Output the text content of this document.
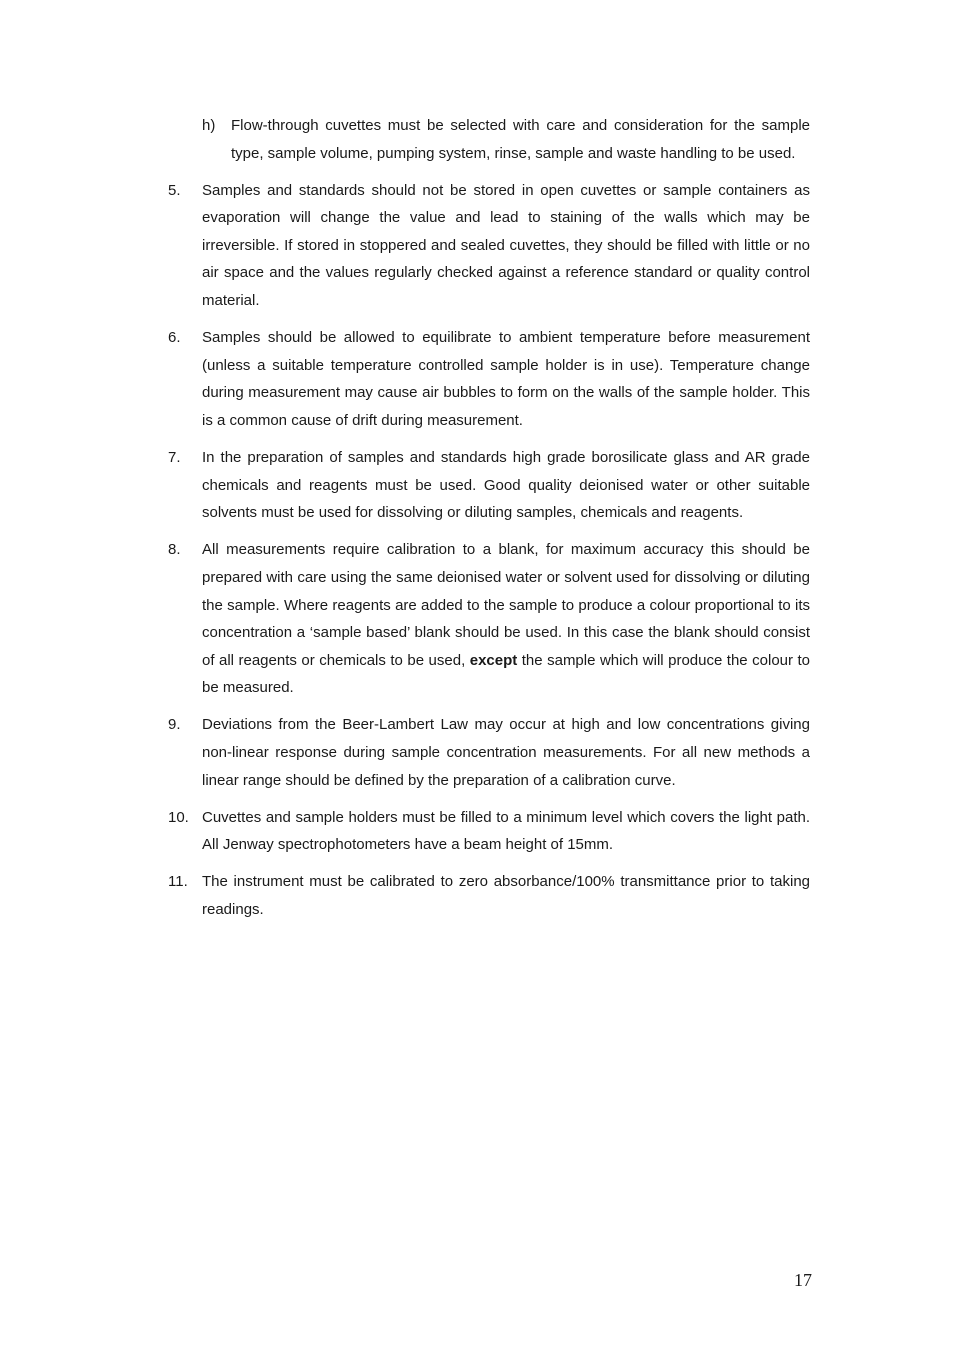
h)	Flow-through cuvettes must be selected with care and consideration for the sample type, sample volume, pumping system, rinse, sample and waste handling to be used.
5.	Samples and standards should not be stored in open cuvettes or sample containers as evaporation will change the value and lead to staining of the walls which may be irreversible. If stored in stoppered and sealed cuvettes, they should be filled with little or no air space and the values regularly checked against a reference standard or quality control material.
6.	Samples should be allowed to equilibrate to ambient temperature before measurement (unless a suitable temperature controlled sample holder is in use). Temperature change during measurement may cause air bubbles to form on the walls of the sample holder. This is a common cause of drift during measurement.
7.	In the preparation of samples and standards high grade borosilicate glass and AR grade chemicals and reagents must be used. Good quality deionised water or other suitable solvents must be used for dissolving or diluting samples, chemicals and reagents.
8.	All measurements require calibration to a blank, for maximum accuracy this should be prepared with care using the same deionised water or solvent used for dissolving or diluting the sample. Where reagents are added to the sample to produce a colour proportional to its concentration a ‘sample based’ blank should be used. In this case the blank should consist of all reagents or chemicals to be used, except the sample which will produce the colour to be measured.
9.	Deviations from the Beer-Lambert Law may occur at high and low concentrations giving non-linear response during sample concentration measurements. For all new methods a linear range should be defined by the preparation of a calibration curve.
10. Cuvettes and sample holders must be filled to a minimum level which covers the light path. All Jenway spectrophotometers have a beam height of 15mm.
11. The instrument must be calibrated to zero absorbance/100% transmittance prior to taking readings.
17
